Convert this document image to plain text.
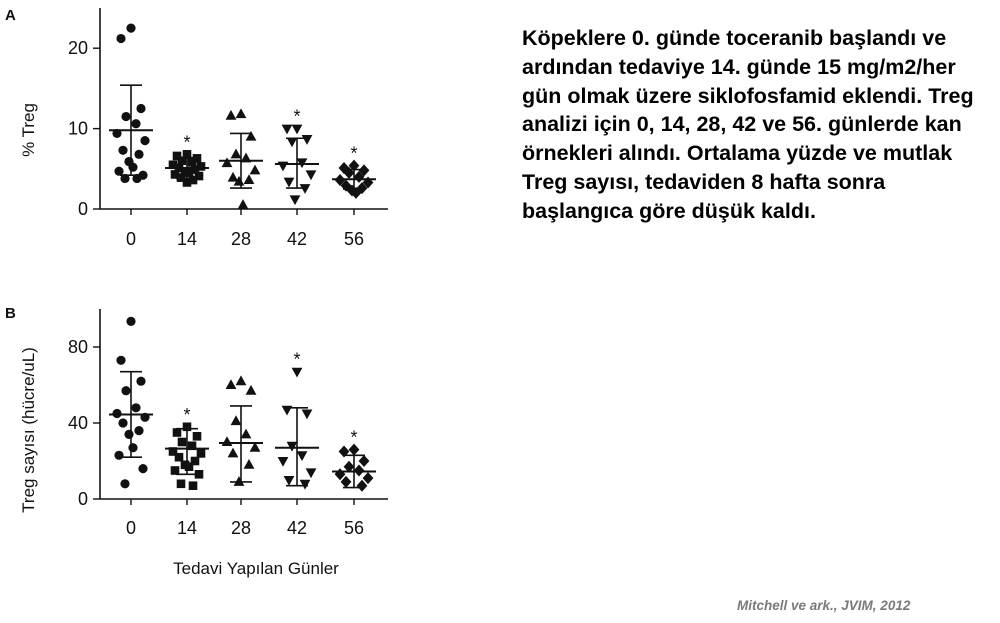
A
% Treg
0
10
20
0 14 28 42 56
*
*
*
B
Treg sayısı (hücre/uL) 0
40
80
0 14 28 42 56
*
*
*
Tedavi Yapılan Günler

Köpeklere 0. günde toceranib başlandı ve ardından tedaviye 14. günde 15 mg/m2/her gün olmak üzere siklofosfamid eklendi. Treg analizi için 0, 14, 28, 42 ve 56. günlerde kan örnekleri alındı. Ortalama yüzde ve mutlak Treg sayısı, tedaviden 8 hafta sonra başlangıca göre düşük kaldı.

Mitchell ve ark., JVIM, 2012
